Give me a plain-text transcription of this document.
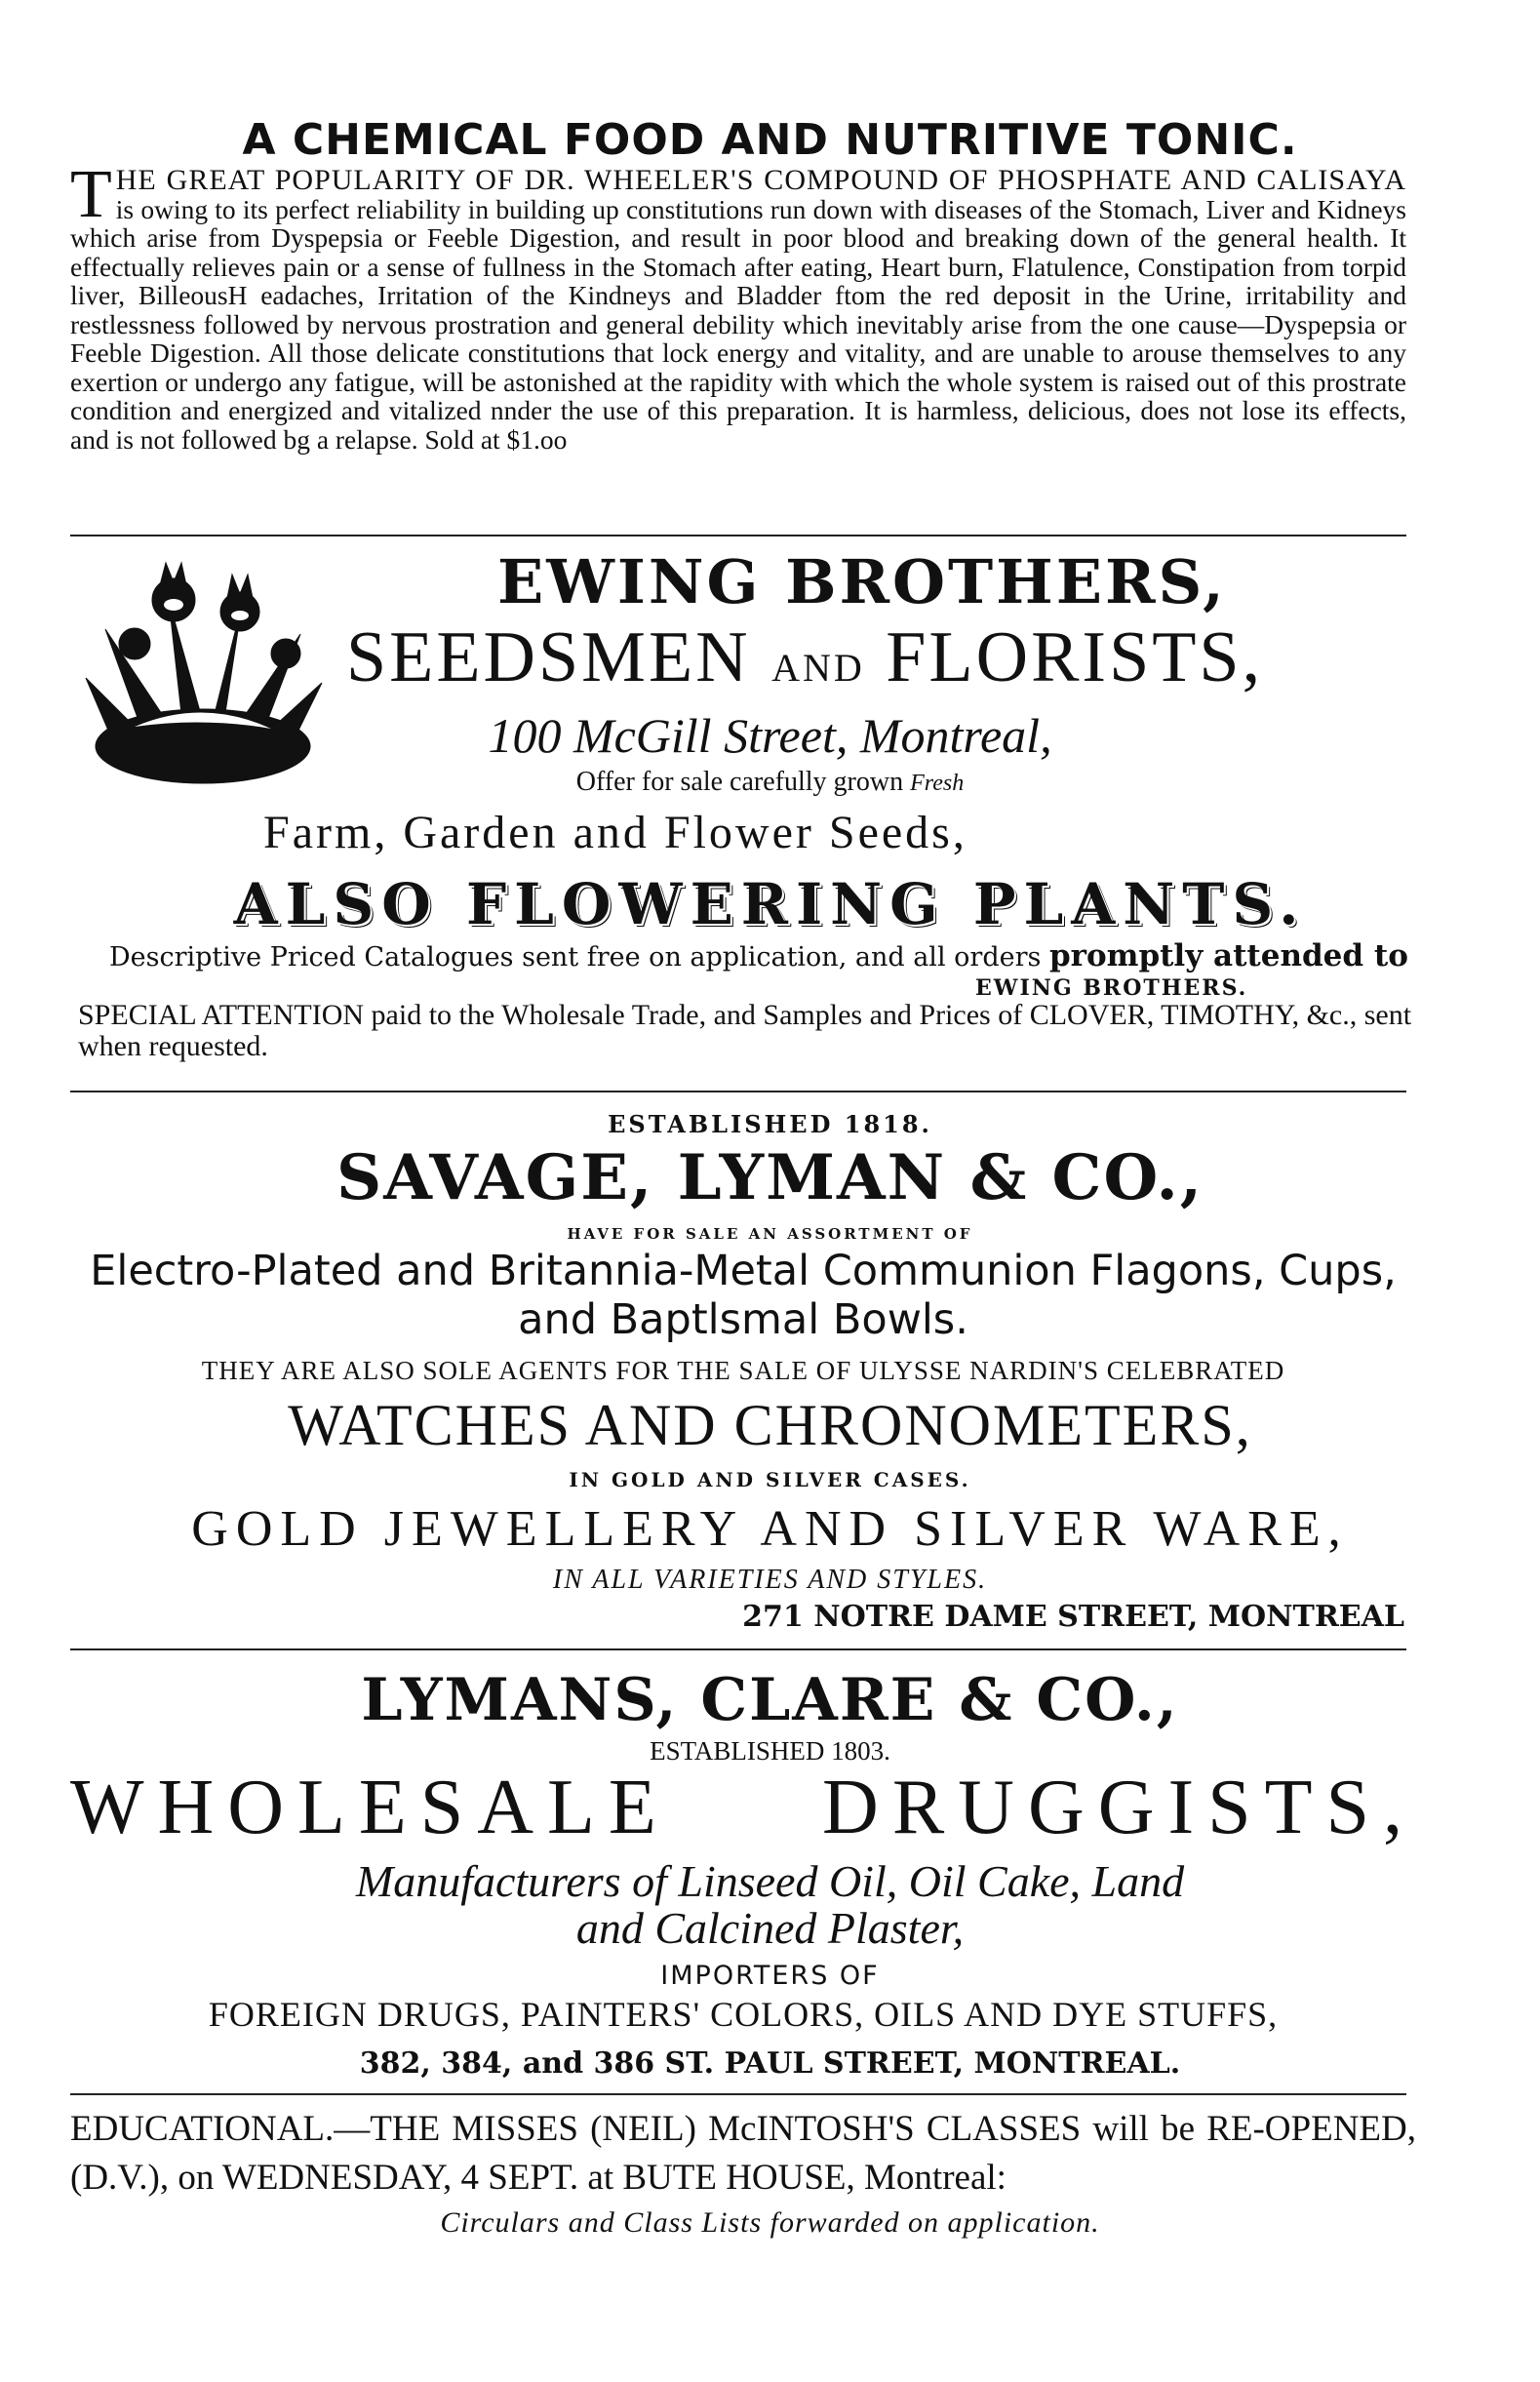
A CHEMICAL FOOD AND NUTRITIVE TONIC.
THE GREAT POPULARITY OF DR. WHEELER'S COMPOUND OF PHOSPHATE AND CALISAYA is owing to its perfect reliability in building up constitutions run down with diseases of the Stomach, Liver and Kidneys which arise from Dyspepsia or Feeble Digestion, and result in poor blood and breaking down of the general health. It effectually relieves pain or a sense of fullness in the Stomach after eating, Heart burn, Flatulence, Constipation from torpid liver, BilleousH eadaches, Irritation of the Kindneys and Bladder ftom the red deposit in the Urine, irritability and restlessness followed by nervous prostration and general debility which inevitably arise from the one cause—Dyspepsia or Feeble Digestion. All those delicate constitutions that lock energy and vitality, and are unable to arouse themselves to any exertion or undergo any fatigue, will be astonished at the rapidity with which the whole system is raised out of this prostrate condition and energized and vitalized nnder the use of this preparation. It is harmless, delicious, does not lose its effects, and is not followed bg a relapse. Sold at $1.oo
EWING BROTHERS,
SEEDSMEN AND FLORISTS,
100 McGill Street, Montreal,
Offer for sale carefully grown Fresh
Farm, Garden and Flower Seeds,
ALSO FLOWERING PLANTS.
Descriptive Priced Catalogues sent free on application, and all orders promptly attended to
EWING BROTHERS.
SPECIAL ATTENTION paid to the Wholesale Trade, and Samples and Prices of CLOVER, TIMOTHY, &c., sent when requested.
ESTABLISHED 1818.
SAVAGE, LYMAN & CO.,
HAVE FOR SALE AN ASSORTMENT OF
Electro-Plated and Britannia-Metal Communion Flagons, Cups, and Baptlsmal Bowls.
THEY ARE ALSO SOLE AGENTS FOR THE SALE OF ULYSSE NARDIN'S CELEBRATED
WATCHES AND CHRONOMETERS,
IN GOLD AND SILVER CASES.
GOLD JEWELLERY AND SILVER WARE,
IN ALL VARIETIES AND STYLES.
271 NOTRE DAME STREET, MONTREAL
LYMANS, CLARE & CO.,
ESTABLISHED 1803.
WHOLESALE DRUGGISTS,
Manufacturers of Linseed Oil, Oil Cake, Land
and Calcined Plaster,
IMPORTERS OF
FOREIGN DRUGS, PAINTERS' COLORS, OILS AND DYE STUFFS,
382, 384, and 386 ST. PAUL STREET, MONTREAL.
EDUCATIONAL.—THE MISSES (NEIL) McINTOSH'S CLASSES will be RE-OPENED, (D.V.), on WEDNESDAY, 4 SEPT. at BUTE HOUSE, Montreal:
Circulars and Class Lists forwarded on application.
